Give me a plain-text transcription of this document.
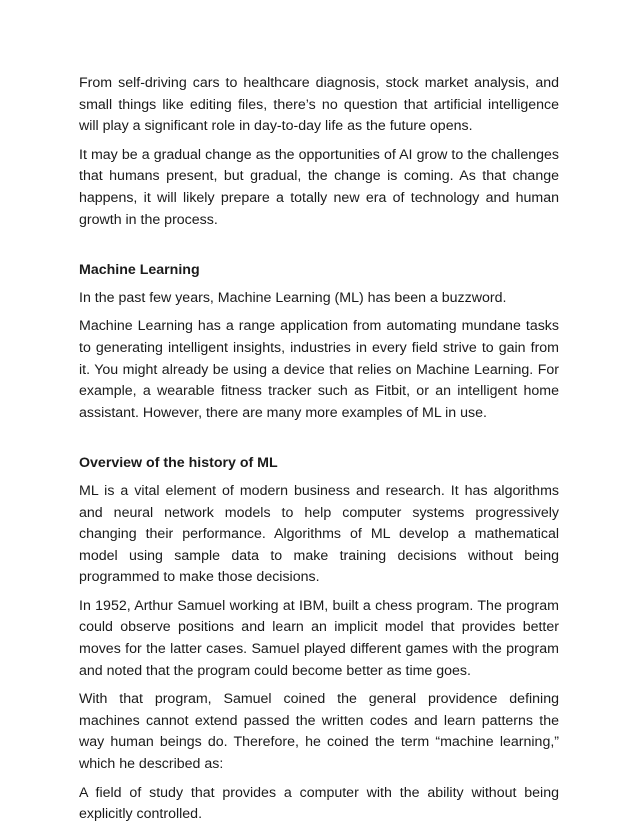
From self-driving cars to healthcare diagnosis, stock market analysis, and small things like editing files, there’s no question that artificial intelligence will play a significant role in day-to-day life as the future opens.

It may be a gradual change as the opportunities of AI grow to the challenges that humans present, but gradual, the change is coming. As that change happens, it will likely prepare a totally new era of technology and human growth in the process.

Machine Learning

In the past few years, Machine Learning (ML) has been a buzzword.

Machine Learning has a range application from automating mundane tasks to generating intelligent insights, industries in every field strive to gain from it. You might already be using a device that relies on Machine Learning. For example, a wearable fitness tracker such as Fitbit, or an intelligent home assistant. However, there are many more examples of ML in use.

Overview of the history of ML

ML is a vital element of modern business and research. It has algorithms and neural network models to help computer systems progressively changing their performance. Algorithms of ML develop a mathematical model using sample data to make training decisions without being programmed to make those decisions.

In 1952, Arthur Samuel working at IBM, built a chess program. The program could observe positions and learn an implicit model that provides better moves for the latter cases. Samuel played different games with the program and noted that the program could become better as time goes.

With that program, Samuel coined the general providence defining machines cannot extend passed the written codes and learn patterns the way human beings do. Therefore, he coined the term “machine learning,” which he described as:

A field of study that provides a computer with the ability without being explicitly controlled.
